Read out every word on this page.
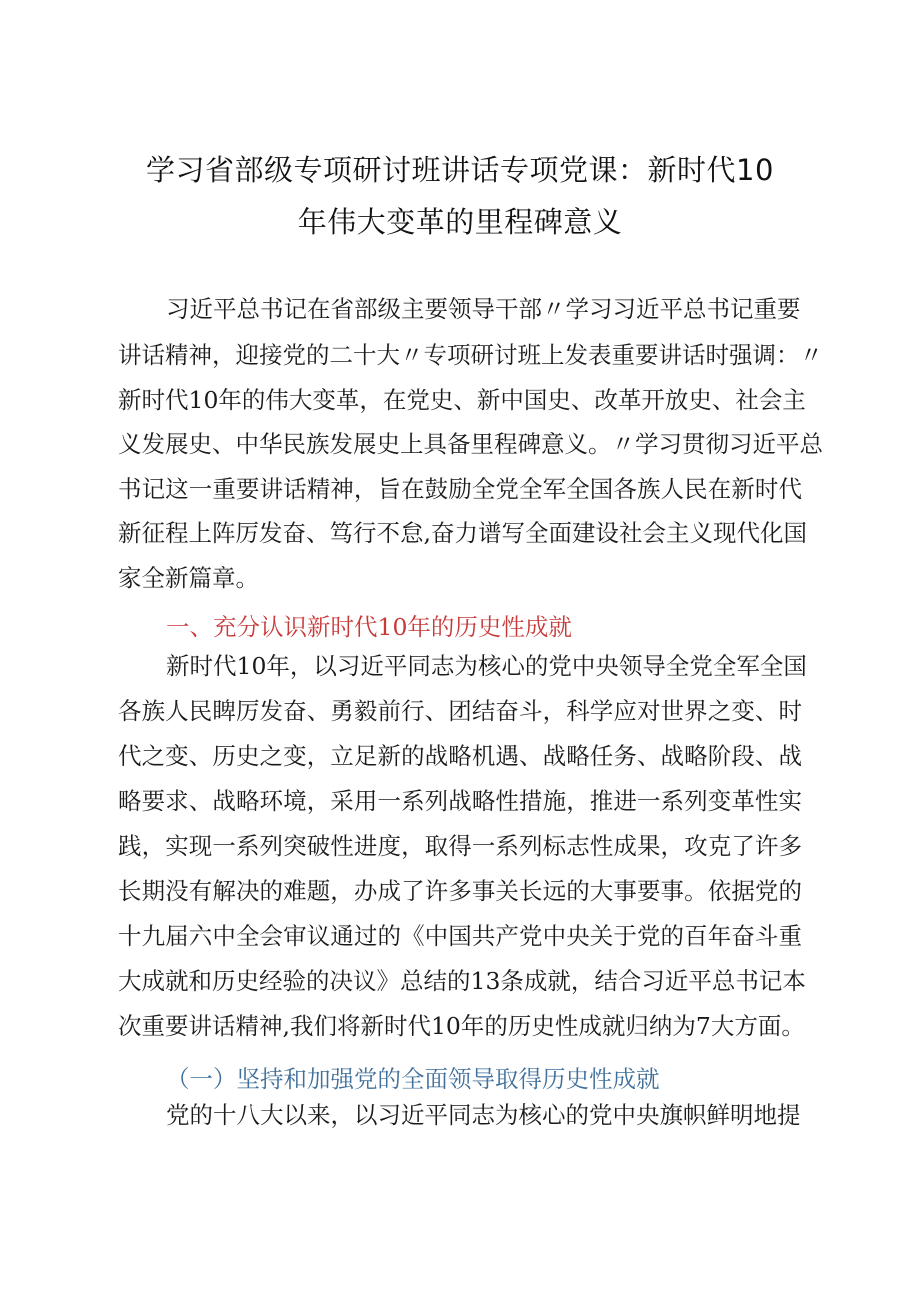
学习省部级专项研讨班讲话专项党课：新时代10
年伟大变革的里程碑意义
习近平总书记在省部级主要领导干部〃学习习近平总书记重要
讲话精神，迎接党的二十大〃专项研讨班上发表重要讲话时强调：〃
新时代10年的伟大变革，在党史、新中国史、改革开放史、社会主
义发展史、中华民族发展史上具备里程碑意义。〃学习贯彻习近平总
书记这一重要讲话精神，旨在鼓励全党全军全国各族人民在新时代
新征程上阵厉发奋、笃行不怠,奋力谱写全面建设社会主义现代化国
家全新篇章。
一、充分认识新时代10年的历史性成就
新时代10年，以习近平同志为核心的党中央领导全党全军全国
各族人民睥厉发奋、勇毅前行、团结奋斗，科学应对世界之变、时
代之变、历史之变，立足新的战略机遇、战略任务、战略阶段、战
略要求、战略环境，采用一系列战略性措施，推进一系列变革性实
践，实现一系列突破性进度，取得一系列标志性成果，攻克了许多
长期没有解决的难题，办成了许多事关长远的大事要事。依据党的
十九届六中全会审议通过的《中国共产党中央关于党的百年奋斗重
大成就和历史经验的决议》总结的13条成就，结合习近平总书记本
次重要讲话精神,我们将新时代10年的历史性成就归纳为7大方面。
（一）坚持和加强党的全面领导取得历史性成就
党的十八大以来，以习近平同志为核心的党中央旗帜鲜明地提
